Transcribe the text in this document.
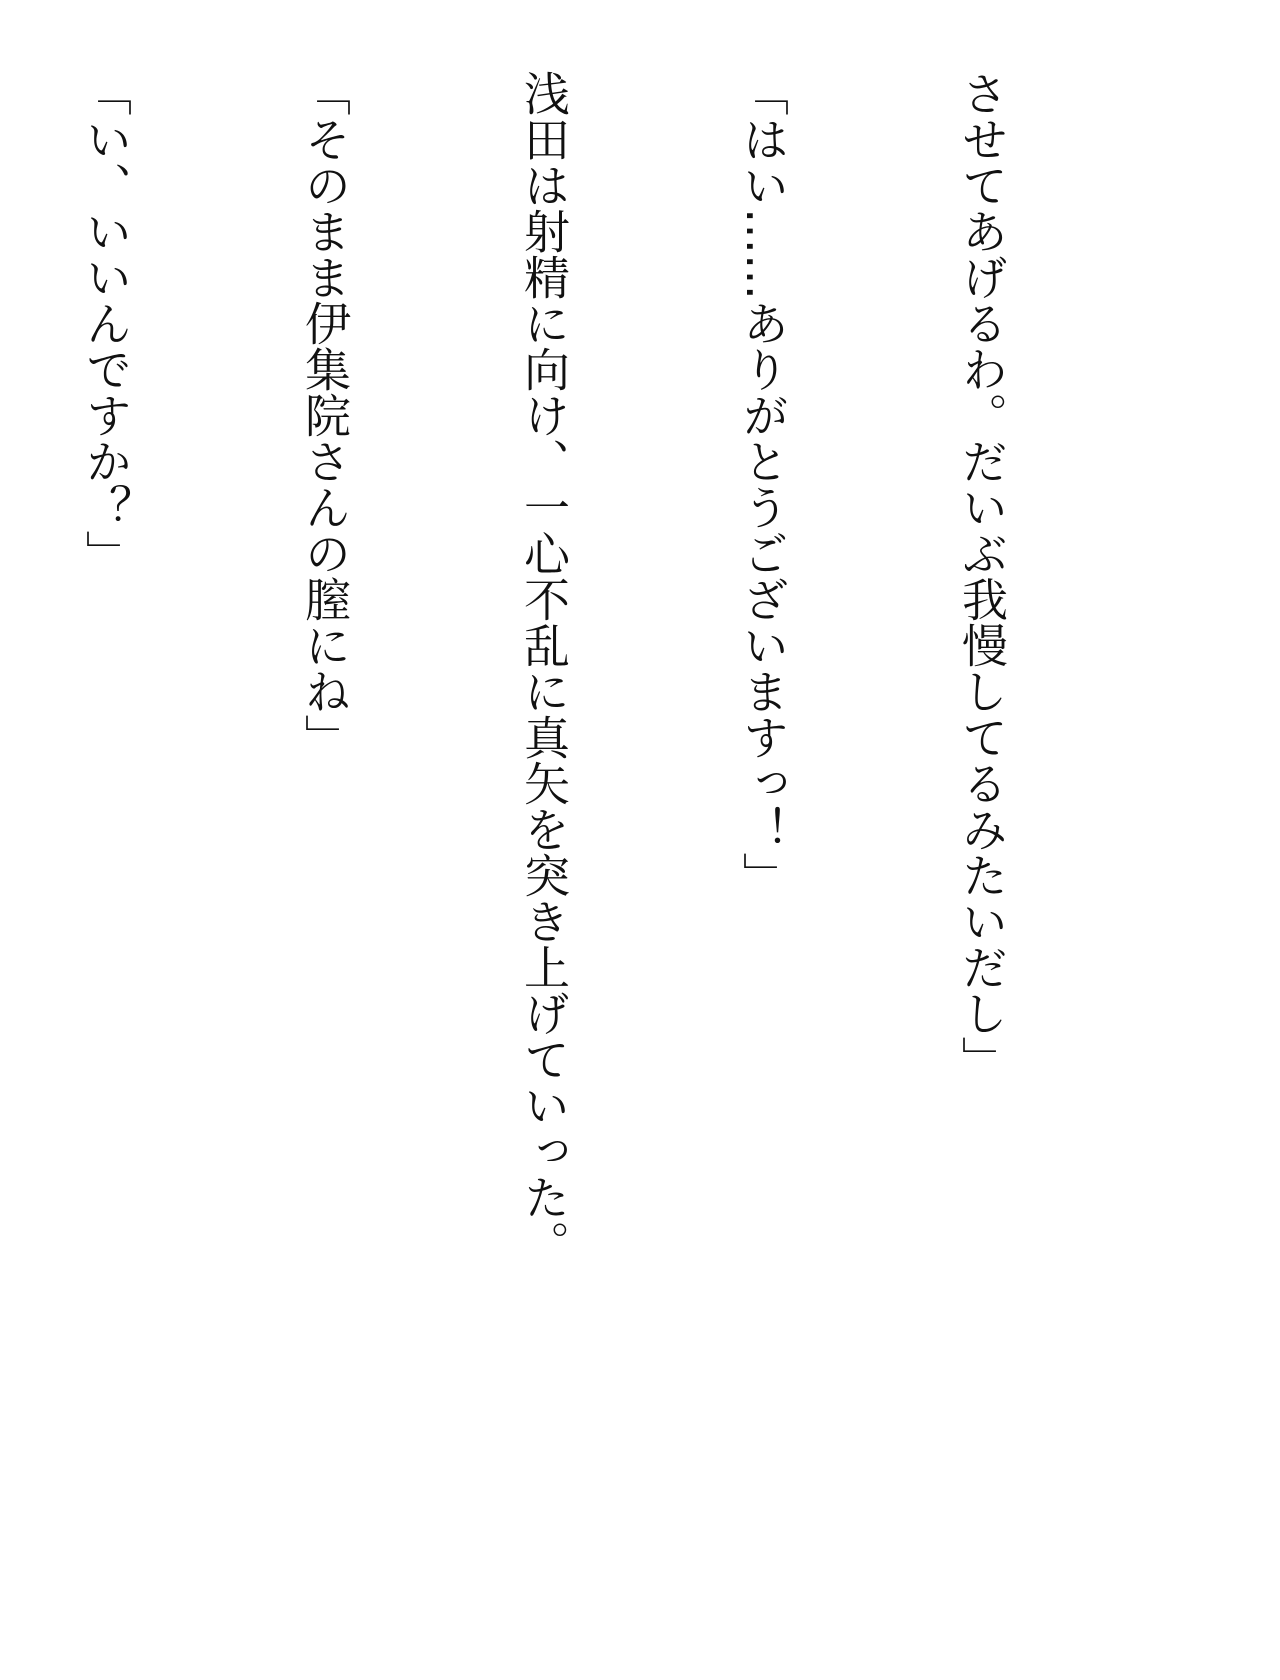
させてあげるわ。だいぶ我慢してるみたいだし」

「はい……ありがとうございますっ！」

浅田は射精に向け、一心不乱に真矢を突き上げていった。

「そのまま伊集院さんの膣にね」

「い、いいんですか？」
